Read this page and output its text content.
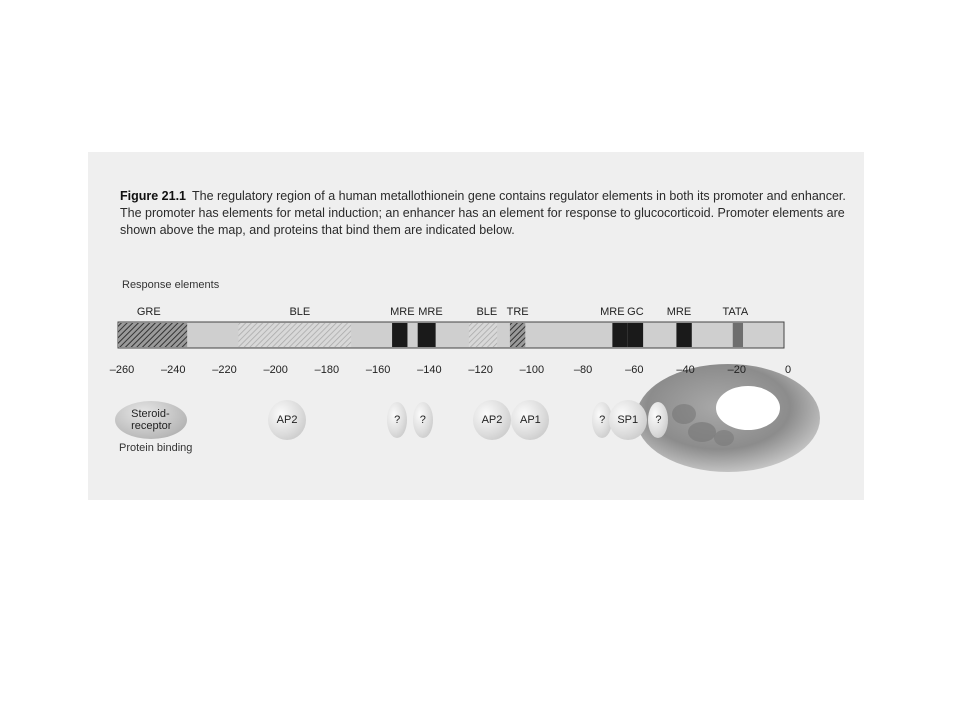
Figure 21.1 The regulatory region of a human metallothionein gene contains regulator elements in both its promoter and enhancer. The promoter has elements for metal induction; an enhancer has an element for response to glucocorticoid. Promoter elements are shown above the map, and proteins that bind them are indicated below.
Response elements
Protein binding
GRE	BLE	MRE MRE	BLE TRE	MRE GC MRE	TATA
–260 –240 –220 –200 –180 –160 –140 –120 –100	–80	–60	–40	–20	0
Steroid-
receptor	AP2	? ?	AP2 AP1	? SP1 ?
